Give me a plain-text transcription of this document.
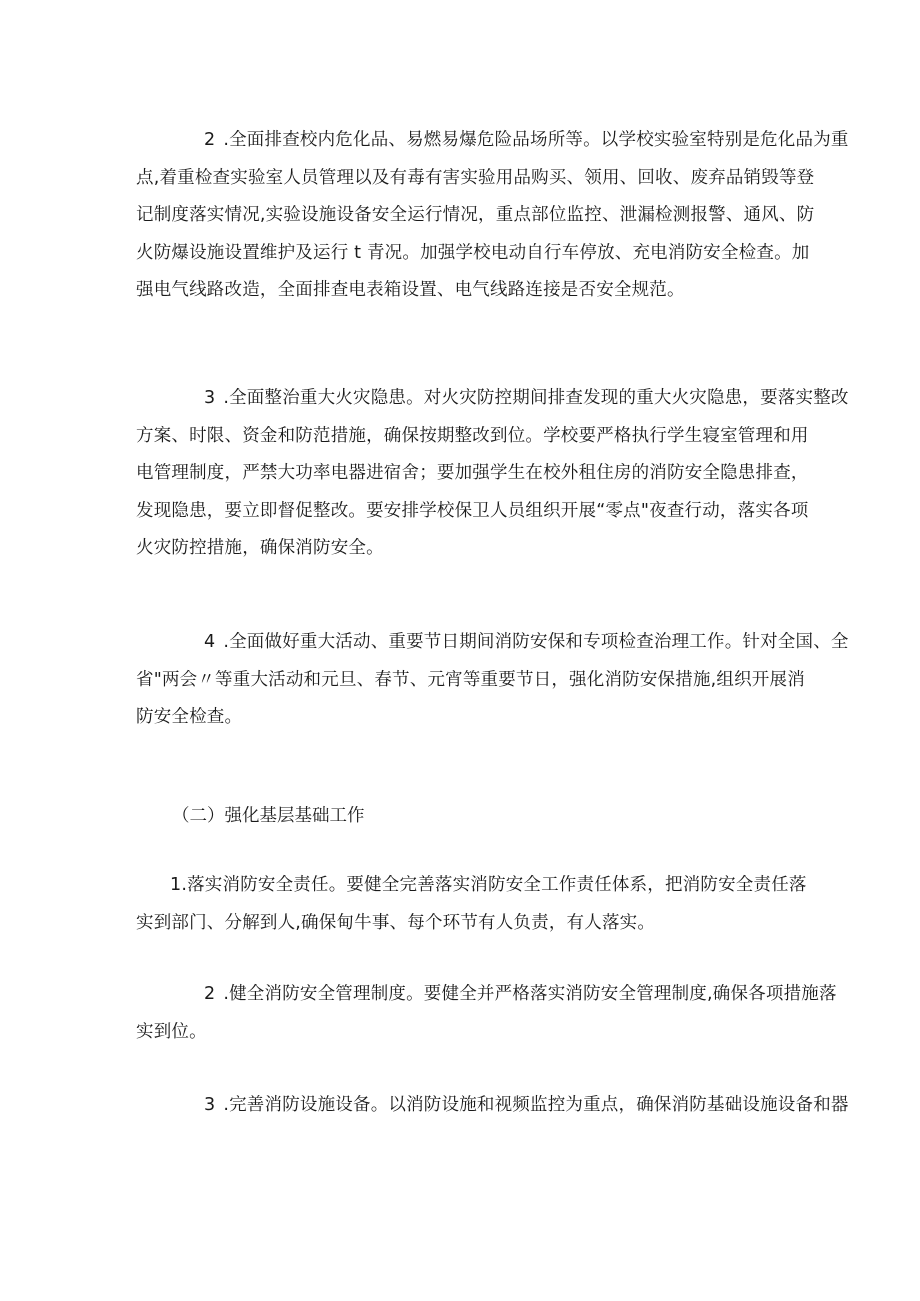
2 .全面排查校内危化品、易燃易爆危险品场所等。以学校实验室特别是危化品为重
点,着重检查实验室人员管理以及有毒有害实验用品购买、领用、回收、废弃品销毁等登
记制度落实情况,实验设施设备安全运行情况，重点部位监控、泄漏检测报警、通风、防
火防爆设施设置维护及运行 t 青况。加强学校电动自行车停放、充电消防安全检查。加
强电气线路改造，全面排查电表箱设置、电气线路连接是否安全规范。
3 .全面整治重大火灾隐患。对火灾防控期间排查发现的重大火灾隐患，要落实整改
方案、时限、资金和防范措施，确保按期整改到位。学校要严格执行学生寝室管理和用
电管理制度，严禁大功率电器进宿舍；要加强学生在校外租住房的消防安全隐患排查，
发现隐患，要立即督促整改。要安排学校保卫人员组织开展“零点"夜查行动，落实各项
火灾防控措施，确保消防安全。
4 .全面做好重大活动、重要节日期间消防安保和专项检查治理工作。针对全国、全
省"两会〃等重大活动和元旦、春节、元宵等重要节日，强化消防安保措施,组织开展消
防安全检查。
（二）强化基层基础工作
1.落实消防安全责任。要健全完善落实消防安全工作责任体系，把消防安全责任落
实到部门、分解到人,确保甸牛事、每个环节有人负责，有人落实。
2 .健全消防安全管理制度。要健全并严格落实消防安全管理制度,确保各项措施落
实到位。
3 .完善消防设施设备。以消防设施和视频监控为重点，确保消防基础设施设备和器
